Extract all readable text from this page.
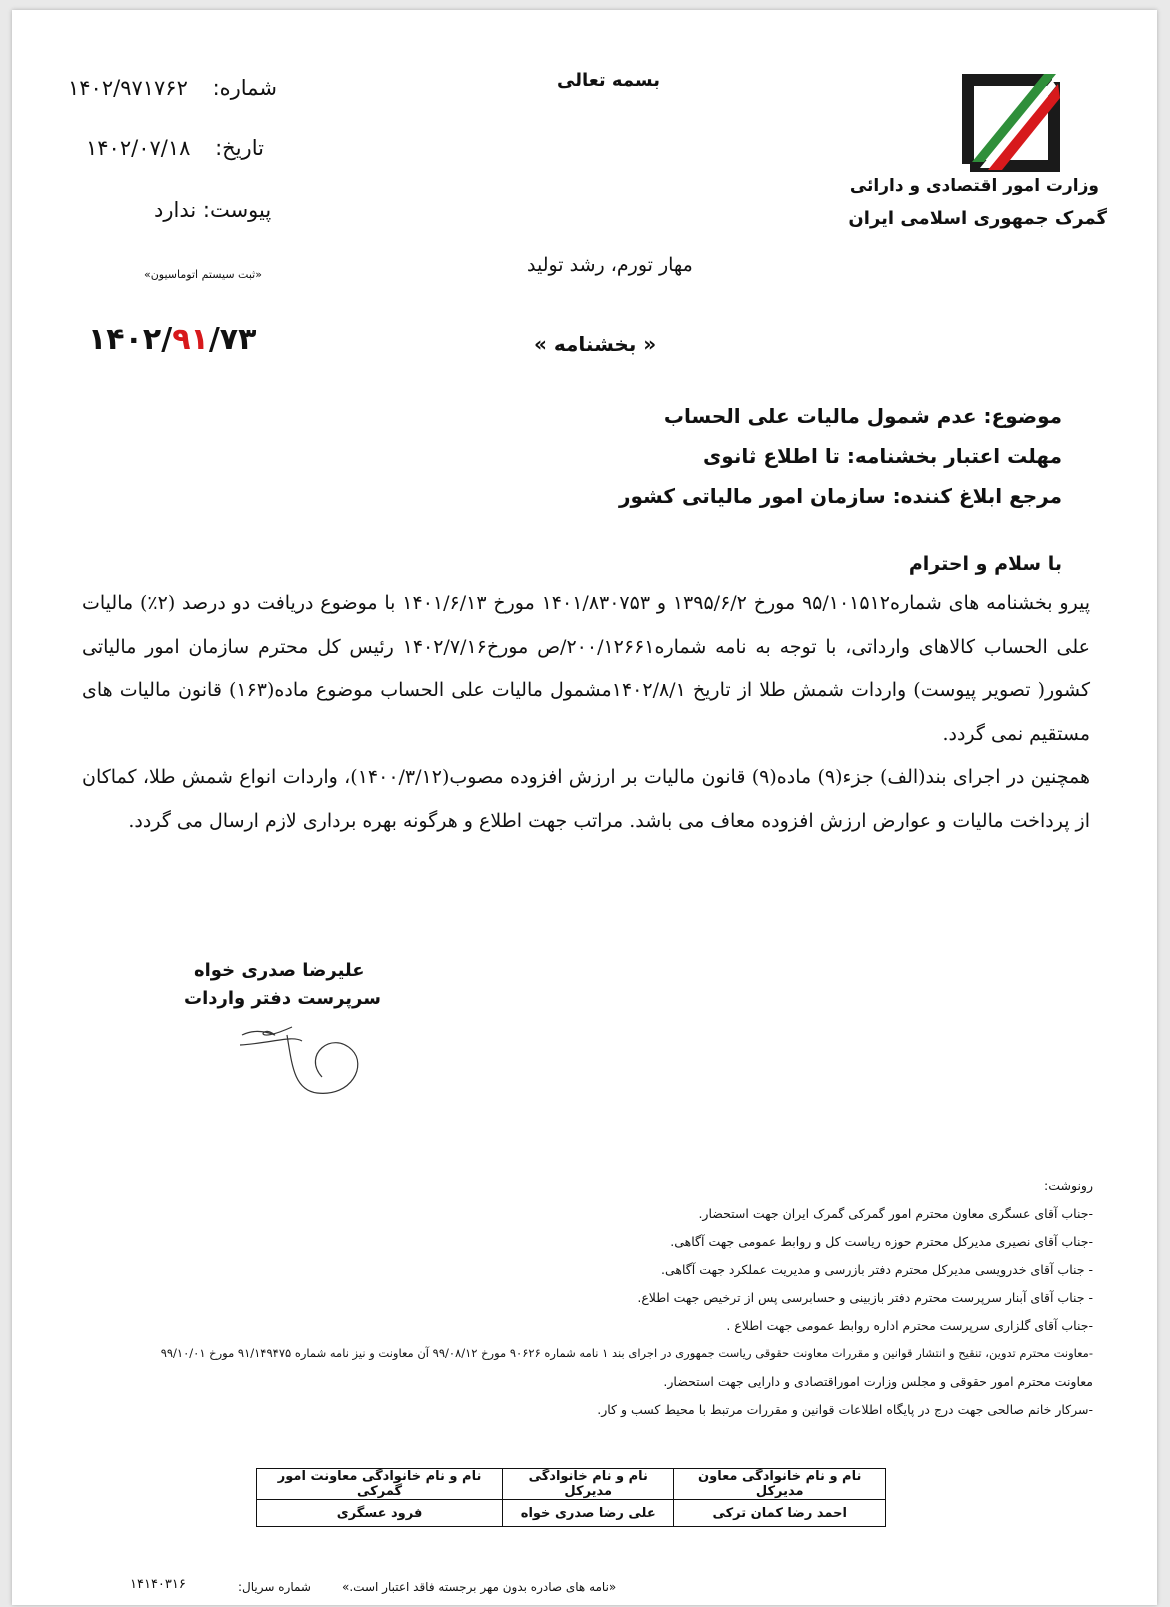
وزارت امور اقتصادی و دارائی
گمرک جمهوری اسلامی ایران
بسمه تعالی
شماره: ۱۴۰۲/۹۷۱۷۶۲
تاریخ: ۱۴۰۲/۰۷/۱۸
پیوست: ندارد
«ثبت سیستم اتوماسیون»	مهار تورم، رشد تولید
۱۴۰۲/۹۱/۷۳	« بخشنامه »
موضوع: عدم شمول مالیات علی الحساب
مهلت اعتبار بخشنامه: تا اطلاع ثانوی
مرجع ابلاغ کننده: سازمان امور مالیاتی کشور
با سلام و احترام

پیرو بخشنامه های شماره۹۵/۱۰۱۵۱۲ مورخ ۱۳۹۵/۶/۲ و ۱۴۰۱/۸۳۰۷۵۳ مورخ ۱۴۰۱/۶/۱۳ با موضوع دریافت دو درصد (۲٪) مالیات علی الحساب کالاهای وارداتی، با توجه به نامه شماره۲۰۰/۱۲۶۶۱/ص مورخ۱۴۰۲/۷/۱۶ رئیس کل محترم سازمان امور مالیاتی کشور( تصویر پیوست) واردات شمش طلا از تاریخ ۱۴۰۲/۸/۱مشمول مالیات علی الحساب موضوع ماده(۱۶۳) قانون مالیات های مستقیم نمی گردد.

همچنین در اجرای بند(الف) جزء(۹) ماده(۹) قانون مالیات بر ارزش افزوده مصوب(۱۴۰۰/۳/۱۲)، واردات انواع شمش طلا، کماکان از پرداخت مالیات و عوارض ارزش افزوده معاف می باشد. مراتب جهت اطلاع و هرگونه بهره برداری لازم ارسال می گردد.

علیرضا صدری خواه
سرپرست دفتر واردات
رونوشت:
-جناب آقای عسگری معاون محترم امور گمرکی گمرک ایران جهت استحضار.
-جناب آقای نصیری مدیرکل محترم حوزه ریاست کل و روابط عمومی جهت آگاهی.
- جناب آقای خدرویسی مدیرکل محترم دفتر بازرسی و مدیریت عملکرد جهت آگاهی.
- جناب آقای آبنار سرپرست محترم دفتر بازبینی و حسابرسی پس از ترخیص جهت اطلاع.
-جناب آقای گلزاری سرپرست محترم اداره روابط عمومی جهت اطلاع .
-معاونت محترم تدوین، تنقیح و انتشار قوانین و مقررات معاونت حقوقی ریاست جمهوری در اجرای بند ۱ نامه شماره ۹۰۶۲۶ مورخ ۹۹/۰۸/۱۲ آن معاونت و نیز نامه شماره ۹۱/۱۴۹۴۷۵ مورخ ۹۹/۱۰/۰۱
معاونت محترم امور حقوقی و مجلس وزارت اموراقتصادی و دارایی جهت استحضار.
-سرکار خانم صالحی جهت درج در پایگاه اطلاعات قوانین و مقررات مرتبط با محیط کسب و کار.
نام و نام خانوادگی معاون مدیرکل	نام و نام خانوادگی مدیرکل	نام و نام خانوادگی معاونت امور گمرکی
احمد رضا کمان ترکی	علی رضا صدری خواه	فرود عسگری
«نامه های صادره بدون مهر برجسته فاقد اعتبار است.»
شماره سریال:
۱۴۱۴۰۳۱۶
